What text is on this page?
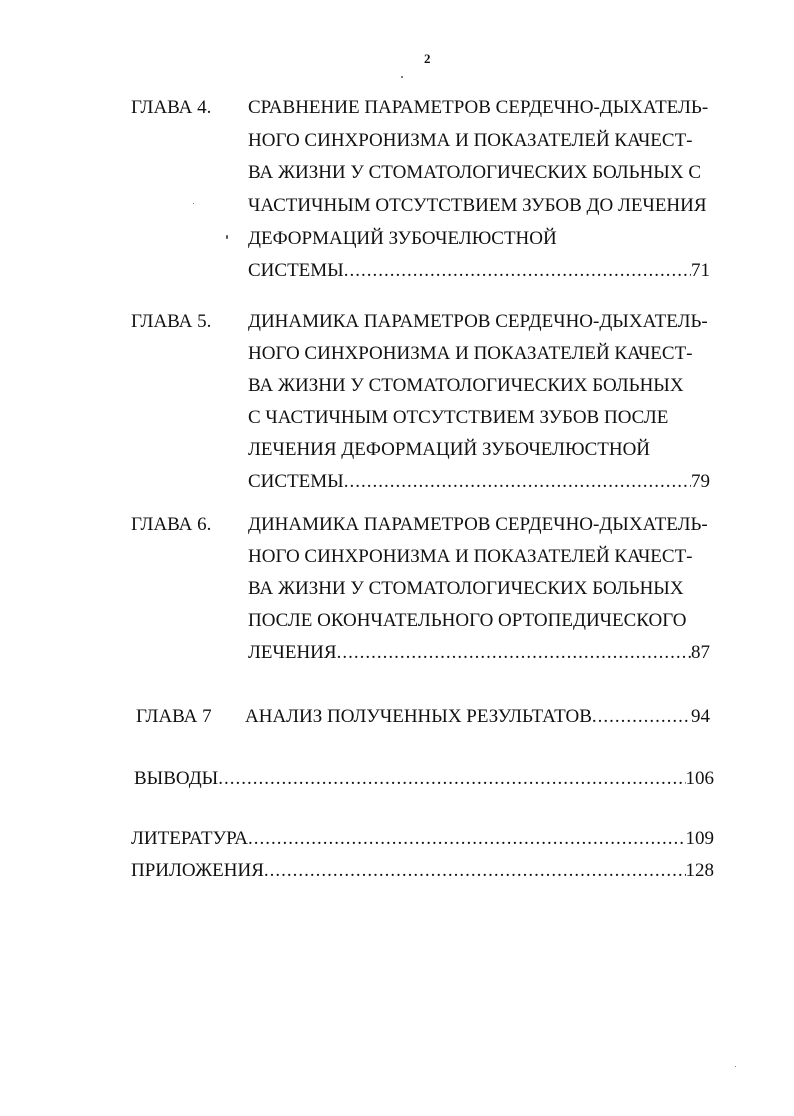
2
ГЛАВА 4. СРАВНЕНИЕ ПАРАМЕТРОВ СЕРДЕЧНО-ДЫХАТЕЛЬ-
НОГО СИНХРОНИЗМА И ПОКАЗАТЕЛЕЙ КАЧЕСТ-
ВА ЖИЗНИ У СТОМАТОЛОГИЧЕСКИХ БОЛЬНЫХ С
ЧАСТИЧНЫМ ОТСУТСТВИЕМ ЗУБОВ ДО ЛЕЧЕНИЯ
ДЕФОРМАЦИЙ ЗУБОЧЕЛЮСТНОЙ
СИСТЕМЫ .....	71
ГЛАВА 5. ДИНАМИКА ПАРАМЕТРОВ СЕРДЕЧНО-ДЫХАТЕЛЬ-
НОГО СИНХРОНИЗМА И ПОКАЗАТЕЛЕЙ КАЧЕСТ-
ВА ЖИЗНИ У СТОМАТОЛОГИЧЕСКИХ БОЛЬНЫХ
С ЧАСТИЧНЫМ ОТСУТСТВИЕМ ЗУБОВ ПОСЛЕ
ЛЕЧЕНИЯ ДЕФОРМАЦИЙ ЗУБОЧЕЛЮСТНОЙ
СИСТЕМЫ .....	79
ГЛАВА 6. ДИНАМИКА ПАРАМЕТРОВ СЕРДЕЧНО-ДЫХАТЕЛЬ-
НОГО СИНХРОНИЗМА И ПОКАЗАТЕЛЕЙ КАЧЕСТ-
ВА ЖИЗНИ У СТОМАТОЛОГИЧЕСКИХ БОЛЬНЫХ
ПОСЛЕ ОКОНЧАТЕЛЬНОГО ОРТОПЕДИЧЕСКОГО
ЛЕЧЕНИЯ .....	87
ГЛАВА 7 АНАЛИЗ ПОЛУЧЕННЫХ РЕЗУЛЬТАТОВ .....	94
ВЫВОДЫ .....	106
ЛИТЕРАТУРА .....	109
ПРИЛОЖЕНИЯ .....	128
